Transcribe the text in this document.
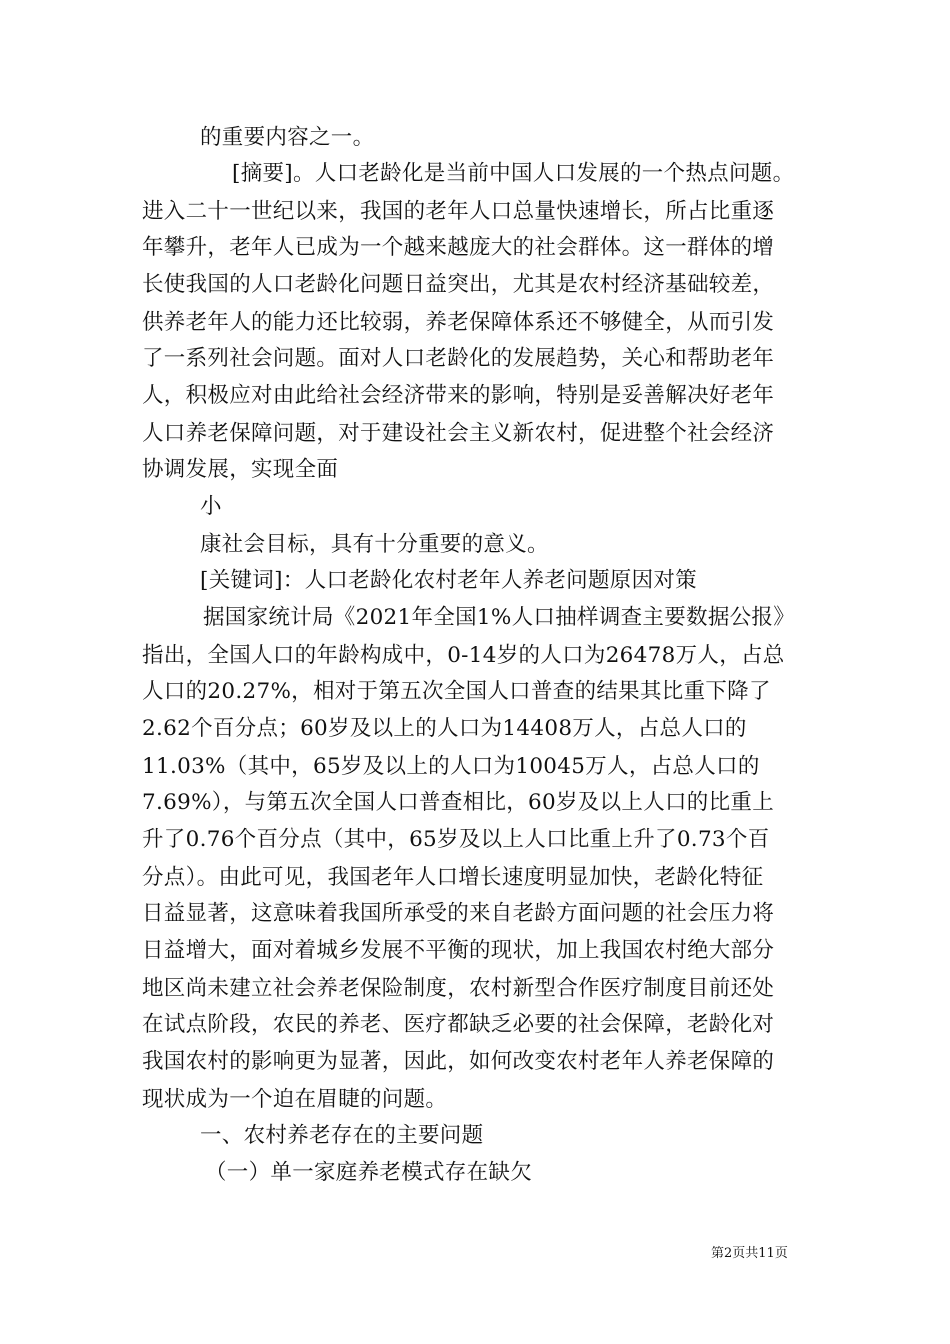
的重要内容之一。
[摘要]。人口老龄化是当前中国人口发展的一个热点问题。
进入二十一世纪以来，我国的老年人口总量快速增长，所占比重逐
年攀升，老年人已成为一个越来越庞大的社会群体。这一群体的增
长使我国的人口老龄化问题日益突出，尤其是农村经济基础较差，
供养老年人的能力还比较弱，养老保障体系还不够健全，从而引发
了一系列社会问题。面对人口老龄化的发展趋势，关心和帮助老年
人，积极应对由此给社会经济带来的影响，特别是妥善解决好老年
人口养老保障问题，对于建设社会主义新农村，促进整个社会经济
协调发展，实现全面
小
康社会目标，具有十分重要的意义。
[关键词]：人口老龄化农村老年人养老问题原因对策
据国家统计局《2021年全国1%人口抽样调查主要数据公报》
指出，全国人口的年龄构成中，0-14岁的人口为26478万人，占总
人口的20.27%，相对于第五次全国人口普查的结果其比重下降了
2.62个百分点；60岁及以上的人口为14408万人，占总人口的
11.03%（其中，65岁及以上的人口为10045万人，占总人口的
7.69%），与第五次全国人口普查相比，60岁及以上人口的比重上
升了0.76个百分点（其中，65岁及以上人口比重上升了0.73个百
分点）。由此可见，我国老年人口增长速度明显加快，老龄化特征
日益显著，这意味着我国所承受的来自老龄方面问题的社会压力将
日益增大，面对着城乡发展不平衡的现状，加上我国农村绝大部分
地区尚未建立社会养老保险制度，农村新型合作医疗制度目前还处
在试点阶段，农民的养老、医疗都缺乏必要的社会保障，老龄化对
我国农村的影响更为显著，因此，如何改变农村老年人养老保障的
现状成为一个迫在眉睫的问题。
一、农村养老存在的主要问题
（一）单一家庭养老模式存在缺欠
第2页共11页
